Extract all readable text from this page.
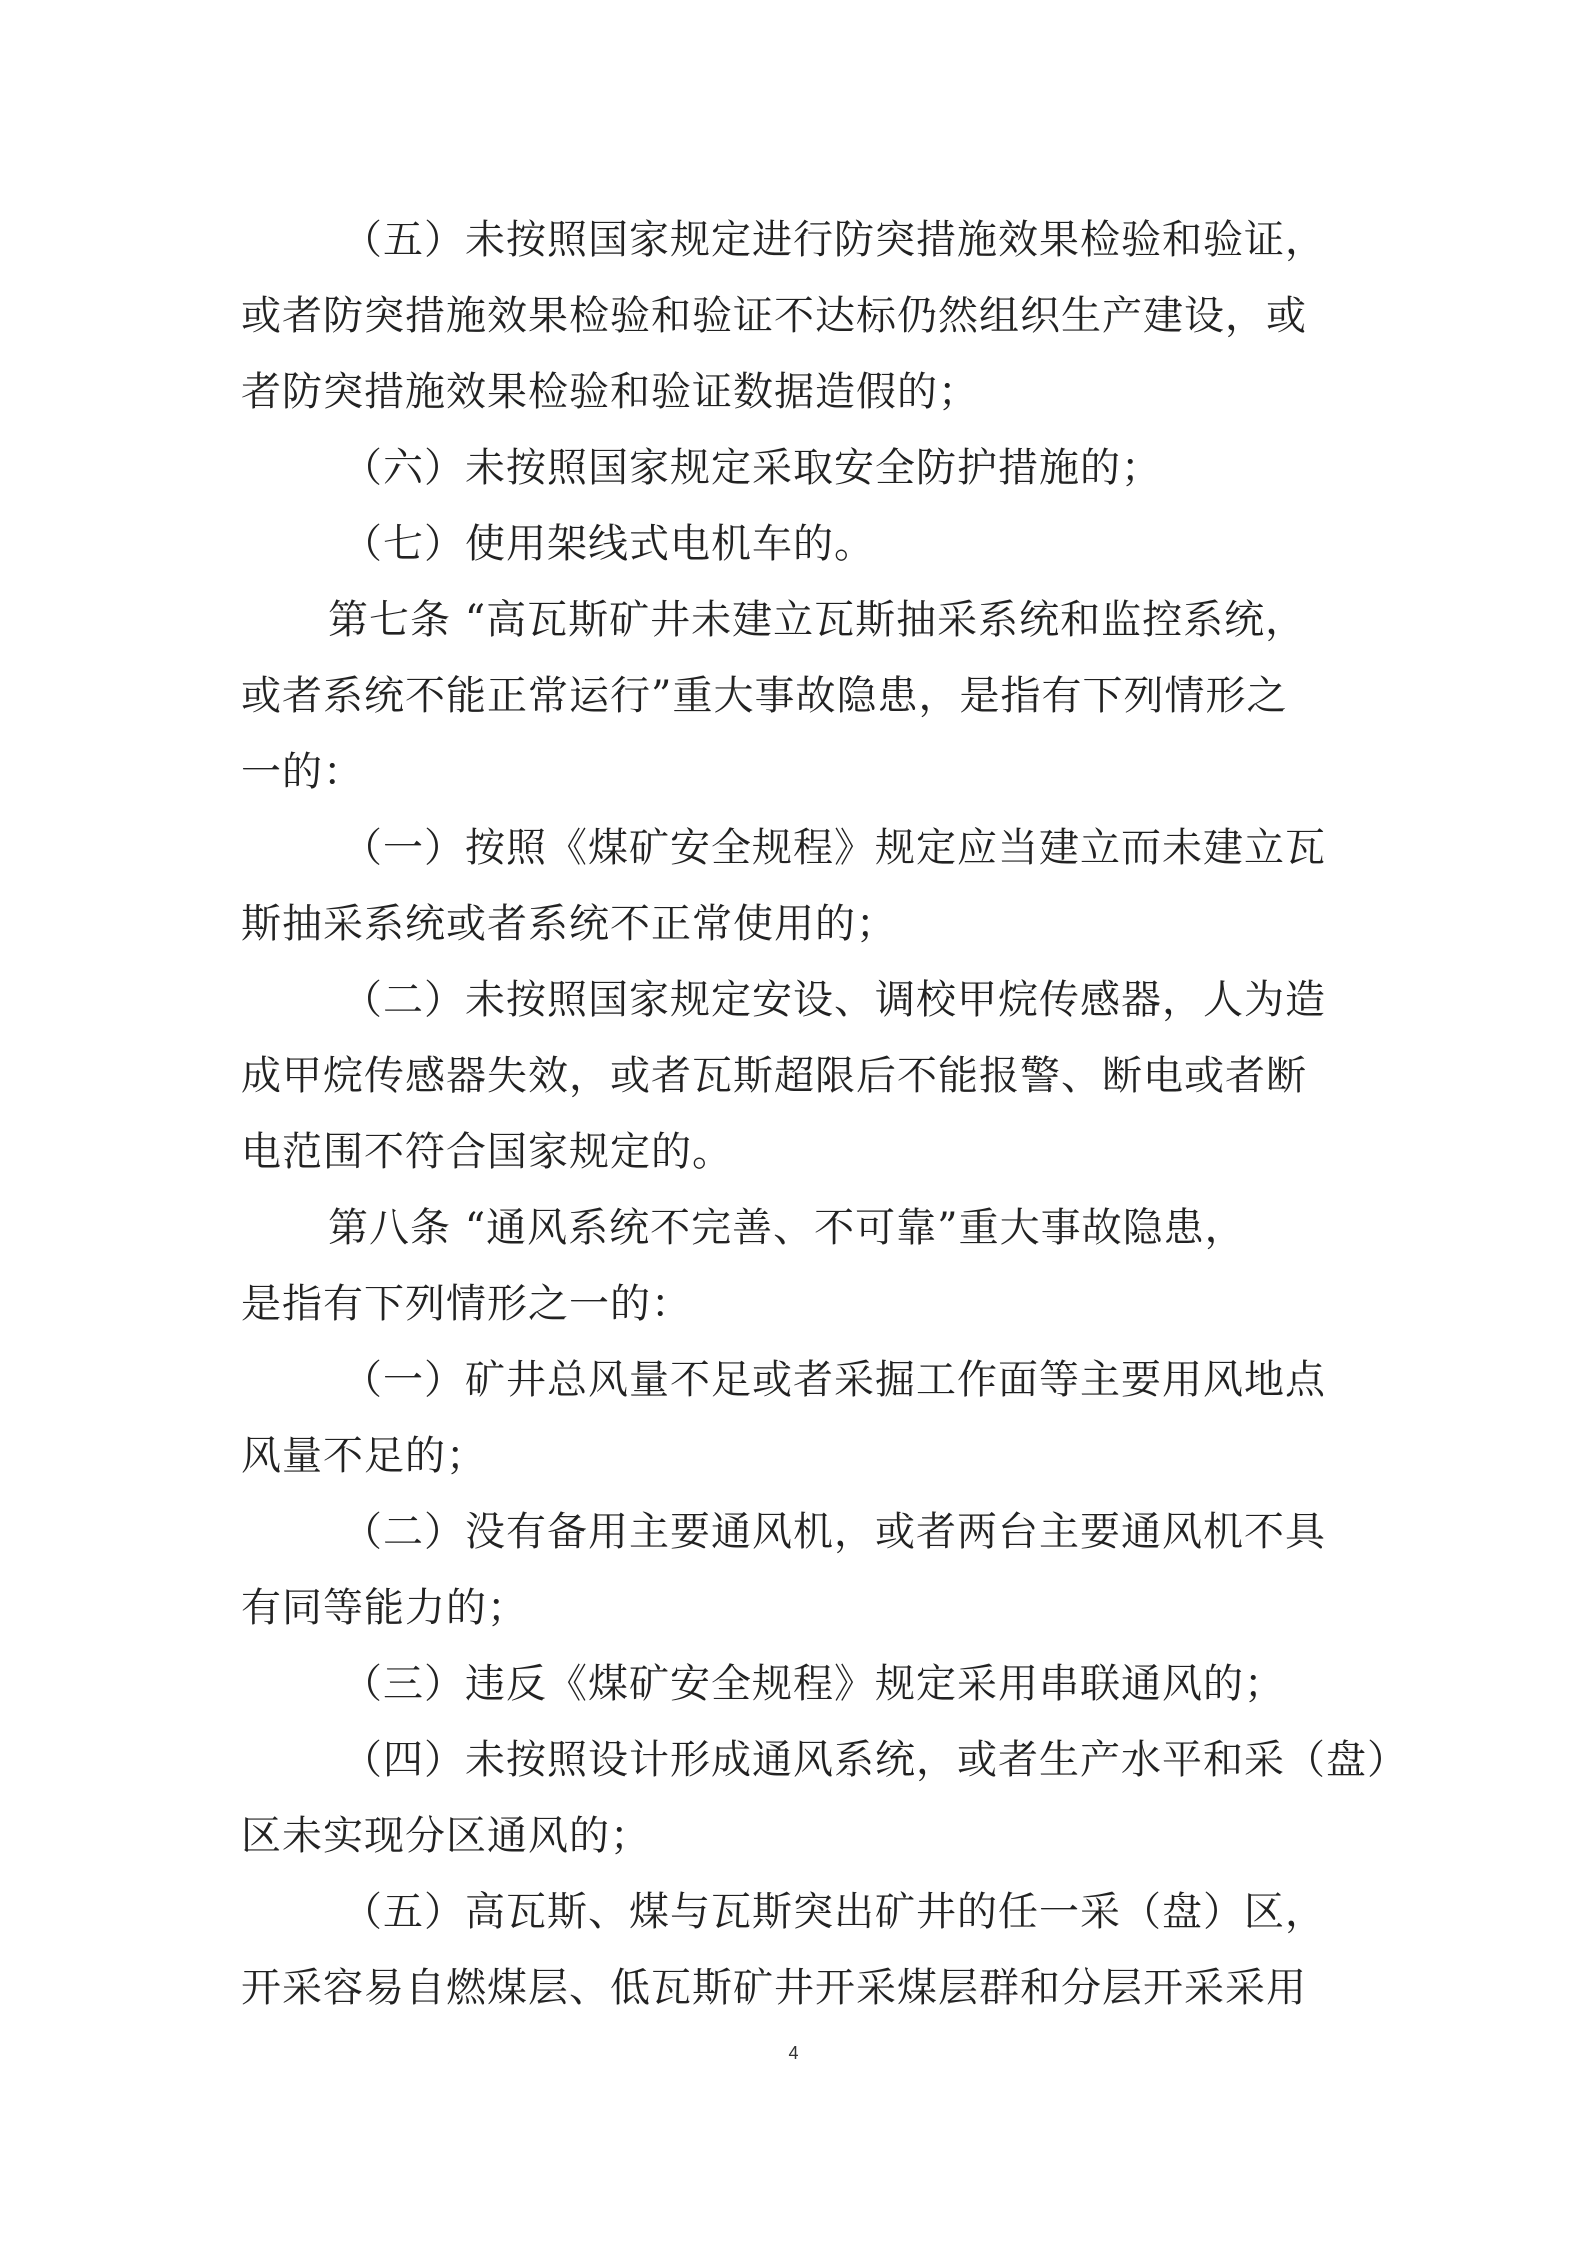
（五）未按照国家规定进行防突措施效果检验和验证，
或者防突措施效果检验和验证不达标仍然组织生产建设，或
者防突措施效果检验和验证数据造假的；
（六）未按照国家规定采取安全防护措施的；
（七）使用架线式电机车的。
第七条 “高瓦斯矿井未建立瓦斯抽采系统和监控系统，
或者系统不能正常运行”重大事故隐患，是指有下列情形之
一的：
（一）按照《煤矿安全规程》规定应当建立而未建立瓦
斯抽采系统或者系统不正常使用的；
（二）未按照国家规定安设、调校甲烷传感器，人为造
成甲烷传感器失效，或者瓦斯超限后不能报警、断电或者断
电范围不符合国家规定的。
第八条 “通风系统不完善、不可靠”重大事故隐患，
是指有下列情形之一的：
（一）矿井总风量不足或者采掘工作面等主要用风地点
风量不足的；
（二）没有备用主要通风机，或者两台主要通风机不具
有同等能力的；
（三）违反《煤矿安全规程》规定采用串联通风的；
（四）未按照设计形成通风系统，或者生产水平和采（盘）
区未实现分区通风的；
（五）高瓦斯、煤与瓦斯突出矿井的任一采（盘）区，
开采容易自燃煤层、低瓦斯矿井开采煤层群和分层开采采用
4
